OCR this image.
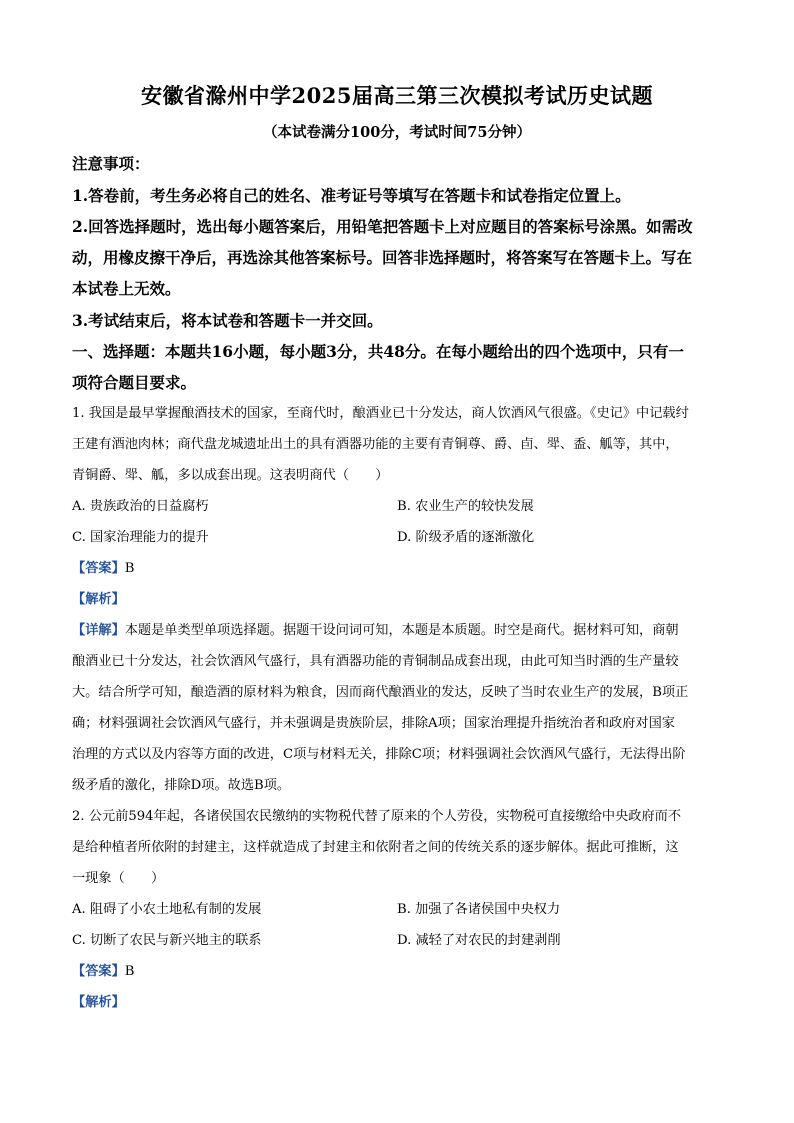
安徽省滁州中学2025届高三第三次模拟考试历史试题
（本试卷满分100分，考试时间75分钟）
注意事项：
1.答卷前，考生务必将自己的姓名、准考证号等填写在答题卡和试卷指定位置上。
2.回答选择题时，选出每小题答案后，用铅笔把答题卡上对应题目的答案标号涂黑。如需改
动，用橡皮擦干净后，再选涂其他答案标号。回答非选择题时，将答案写在答题卡上。写在
本试卷上无效。
3.考试结束后，将本试卷和答题卡一并交回。
一、选择题：本题共16小题，每小题3分，共48分。在每小题给出的四个选项中，只有一
项符合题目要求。
1. 我国是最早掌握酿酒技术的国家，至商代时，酿酒业已十分发达，商人饮酒风气很盛。《史记》中记载纣
王建有酒池肉林；商代盘龙城遗址出土的具有酒器功能的主要有青铜尊、爵、卣、斝、盉、觚等，其中，
青铜爵、斝、觚，多以成套出现。这表明商代（　　）
A. 贵族政治的日益腐朽	B. 农业生产的较快发展
C. 国家治理能力的提升	D. 阶级矛盾的逐渐激化
【答案】B
【解析】
【详解】本题是单类型单项选择题。据题干设问词可知，本题是本质题。时空是商代。据材料可知，商朝
酿酒业已十分发达，社会饮酒风气盛行，具有酒器功能的青铜制品成套出现，由此可知当时酒的生产量较
大。结合所学可知，酿造酒的原材料为粮食，因而商代酿酒业的发达，反映了当时农业生产的发展，B项正
确；材料强调社会饮酒风气盛行，并未强调是贵族阶层，排除A项；国家治理提升指统治者和政府对国家
治理的方式以及内容等方面的改进，C项与材料无关，排除C项；材料强调社会饮酒风气盛行，无法得出阶
级矛盾的激化，排除D项。故选B项。
2. 公元前594年起，各诸侯国农民缴纳的实物税代替了原来的个人劳役，实物税可直接缴给中央政府而不
是给种植者所依附的封建主，这样就造成了封建主和依附者之间的传统关系的逐步解体。据此可推断，这
一现象（　　）
A. 阻碍了小农土地私有制的发展	B. 加强了各诸侯国中央权力
C. 切断了农民与新兴地主的联系	D. 减轻了对农民的封建剥削
【答案】B
【解析】
